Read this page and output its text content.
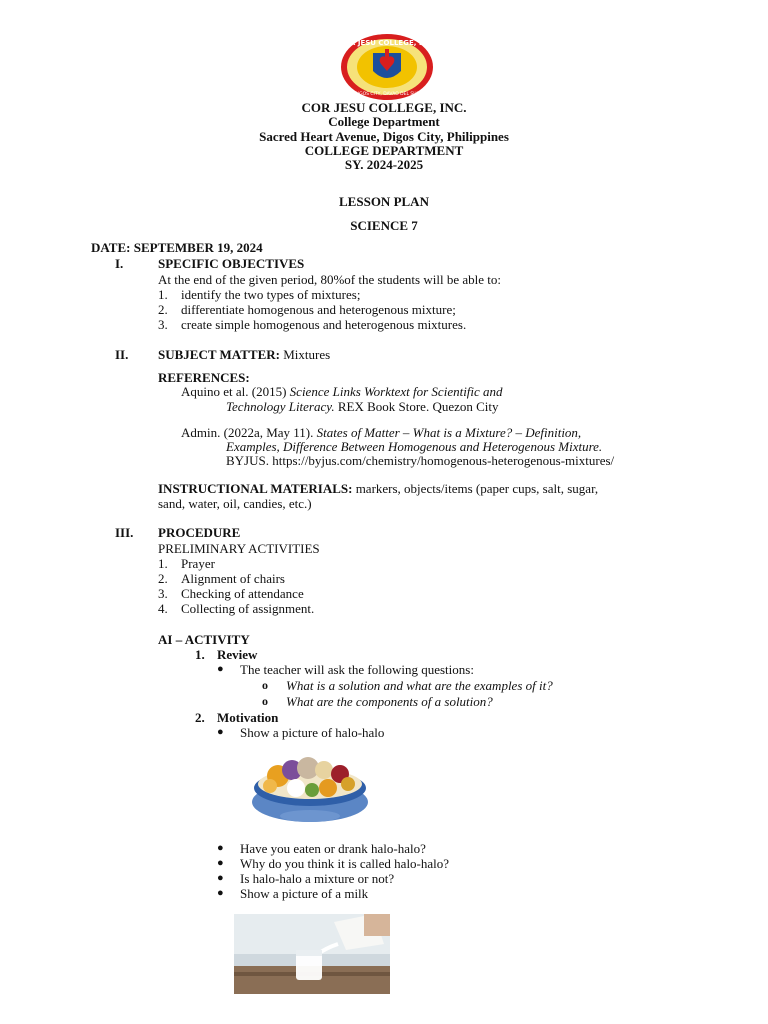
COR JESU COLLEGE, INC.
DIGOS CITY, DAVAO DEL SUR
COR JESU COLLEGE, INC.
College Department
Sacred Heart Avenue, Digos City, Philippines
COLLEGE DEPARTMENT
SY. 2024-2025
LESSON PLAN
SCIENCE 7
DATE: SEPTEMBER 19, 2024
I.	SPECIFIC OBJECTIVES
At the end of the given period, 80%of the students will be able to:
1. identify the two types of mixtures;
2. differentiate homogenous and heterogenous mixture;
3. create simple homogenous and heterogenous mixtures.
II. SUBJECT MATTER: Mixtures
REFERENCES:
Aquino et al. (2015) Science Links Worktext for Scientific and
Technology Literacy. REX Book Store. Quezon City
Admin. (2022a, May 11). States of Matter – What is a Mixture? – Definition,
Examples, Difference Between Homogenous and Heterogenous Mixture.
BYJUS. https://byjus.com/chemistry/homogenous-heterogenous-mixtures/
INSTRUCTIONAL MATERIALS: markers, objects/items (paper cups, salt, sugar,
sand, water, oil, candies, etc.)
III. PROCEDURE
PRELIMINARY ACTIVITIES
1. Prayer
2. Alignment of chairs
3. Checking of attendance
4. Collecting of assignment.
AI – ACTIVITY
1. Review
● The teacher will ask the following questions:
o What is a solution and what are the examples of it?
o What are the components of a solution?
2. Motivation
● Show a picture of halo-halo
● Have you eaten or drank halo-halo?
● Why do you think it is called halo-halo?
● Is halo-halo a mixture or not?
● Show a picture of a milk
